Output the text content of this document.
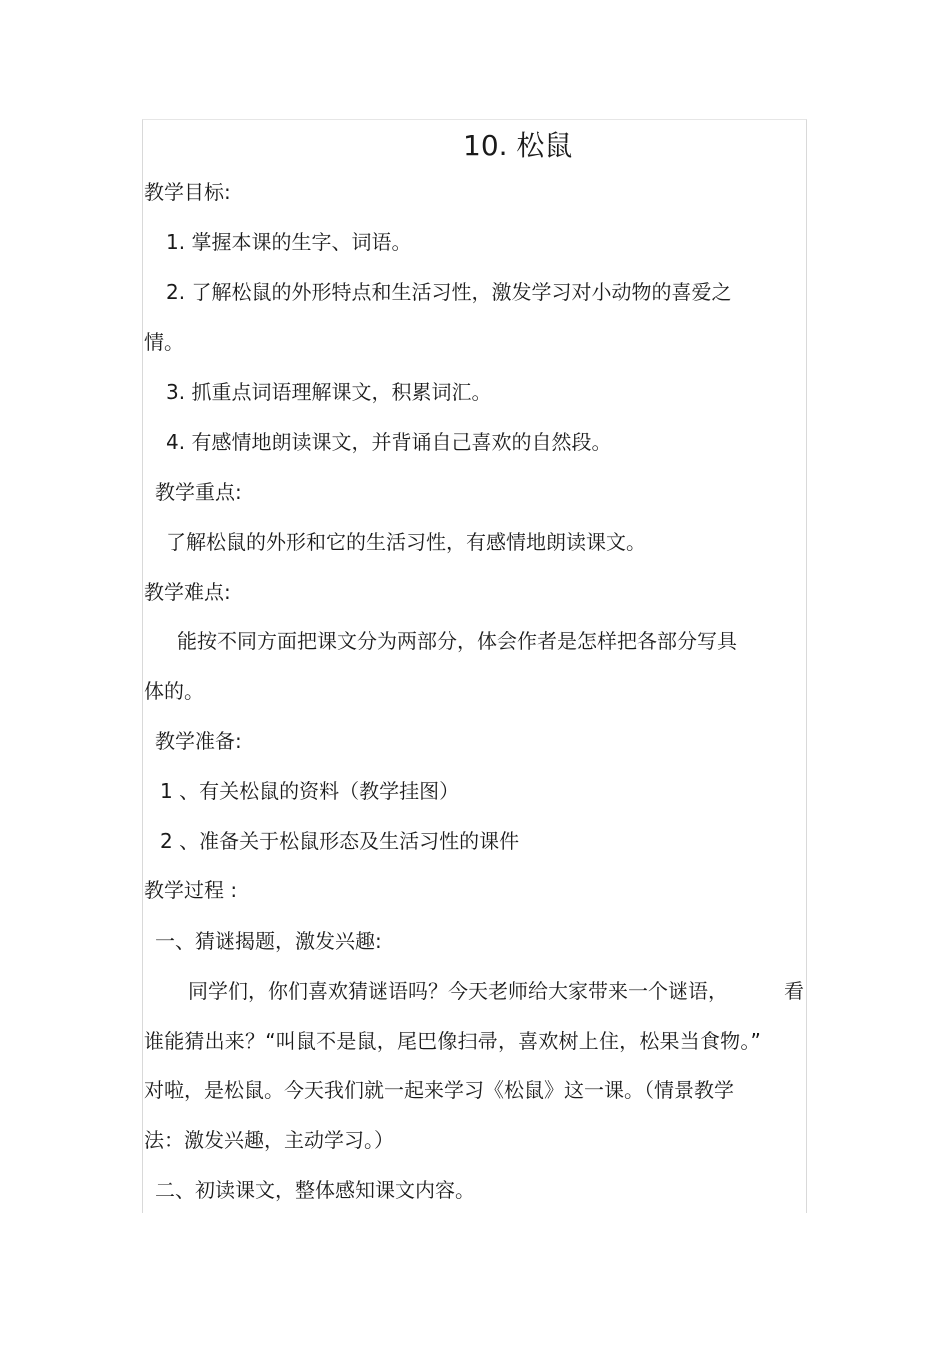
10. 松鼠
教学目标:
1. 掌握本课的生字、词语。
2. 了解松鼠的外形特点和生活习性，激发学习对小动物的喜爱之
情。
3. 抓重点词语理解课文，积累词汇。
4. 有感情地朗读课文，并背诵自己喜欢的自然段。
教学重点:
了解松鼠的外形和它的生活习性，有感情地朗读课文。
教学难点:
能按不同方面把课文分为两部分，体会作者是怎样把各部分写具
体的。
教学准备:
1 、有关松鼠的资料（教学挂图）
2 、准备关于松鼠形态及生活习性的课件
教学过程 :
一、猜谜揭题，激发兴趣:
同学们，你们喜欢猜谜语吗？今天老师给大家带来一个谜语，	看
谁能猜出来？“叫鼠不是鼠，尾巴像扫帚，喜欢树上住，松果当食物。”
对啦，是松鼠。今天我们就一起来学习《松鼠》这一课。（情景教学
法：激发兴趣，主动学习。）
二、初读课文，整体感知课文内容。
